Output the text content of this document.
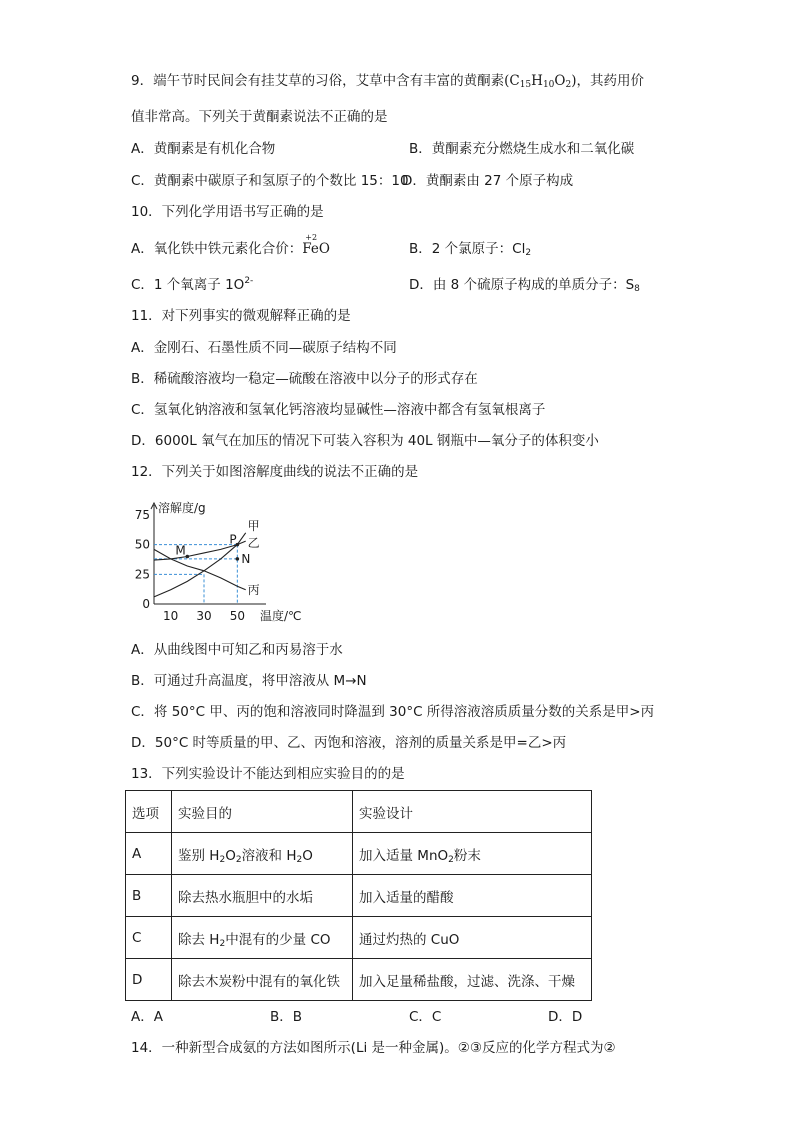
9．端午节时民间会有挂艾草的习俗，艾草中含有丰富的黄酮素$(C_{15}H_{10}O_2)$，其药用价
值非常高。下列关于黄酮素说法不正确的是
A．黄酮素是有机化合物	B．黄酮素充分燃烧生成水和二氧化碳
C．黄酮素中碳原子和氢原子的个数比 15：10
D．黄酮素由 27 个原子构成
10．下列化学用语书写正确的是
A．氧化铁中铁元素化合价：
+2
FeO	B．2 个氯原子：$Cl_2$
C．1 个氧离子 $1O^{2-}$	D．由 8 个硫原子构成的单质分子：$S_8$
11．对下列事实的微观解释正确的是
A．金刚石、石墨性质不同—碳原子结构不同
B．稀硫酸溶液均一稳定—硫酸在溶液中以分子的形式存在
C．氢氧化钠溶液和氢氧化钙溶液均显碱性—溶液中都含有氢氧根离子
D．6000L 氧气在加压的情况下可装入容积为 40L 钢瓶中—氧分子的体积变小
12．下列关于如图溶解度曲线的说法不正确的是
溶解度/g
温度/℃
0
25
50
75
10 30 50
甲
乙
丙
M
P
N
A．从曲线图中可知乙和丙易溶于水
B．可通过升高温度，将甲溶液从 M→N
C．将 50°C 甲、丙的饱和溶液同时降温到 30°C 所得溶液溶质质量分数的关系是甲>丙
D．50°C 时等质量的甲、乙、丙饱和溶液，溶剂的质量关系是甲=乙>丙
13．下列实验设计不能达到相应实验目的的是
选项	实验目的	实验设计
A	鉴别 $H_2O_2$溶液和 $H_2O$	加入适量 MnO$_2$粉末
B	除去热水瓶胆中的水垢	加入适量的醋酸
C	除去 $H_2$中混有的少量 CO	通过灼热的 CuO
D	除去木炭粉中混有的氧化铁	加入足量稀盐酸，过滤、洗涤、干燥
A．A	B．B	C．C	D．D
14．一种新型合成氨的方法如图所示(Li 是一种金属)。②③反应的化学方程式为②
